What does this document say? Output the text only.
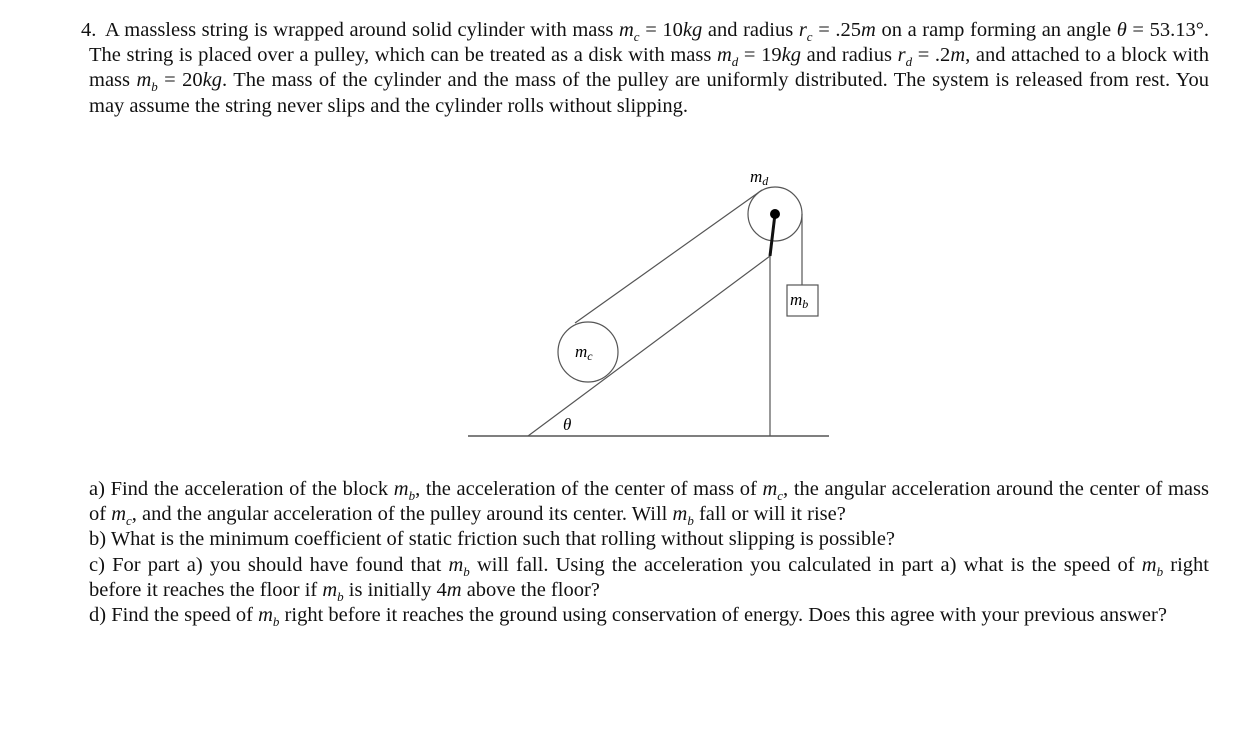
4. A massless string is wrapped around solid cylinder with mass $m_c = 10kg$ and radius $r_c = .25m$ on a ramp forming an angle θ = 53.13°. The string is placed over a pulley, which can be treated as a disk with mass $m_d = 19kg$ and radius $r_d = .2m$, and attached to a block with mass $m_b = 20kg$. The mass of the cylinder and the mass of the pulley are uniformly distributed. The system is released from rest. You may assume the string never slips and the cylinder rolls without slipping.
md
mb
mc
θ
a) Find the acceleration of the block $m_b$, the acceleration of the center of mass of $m_c$, the angular acceleration around the center of mass of $m_c$, and the angular acceleration of the pulley around its center. Will $m_b$ fall or will it rise?
b) What is the minimum coefficient of static friction such that rolling without slipping is possible?
c) For part a) you should have found that $m_b$ will fall. Using the acceleration you calculated in part a) what is the speed of $m_b$ right before it reaches the floor if $m_b$ is initially 4m above the floor?
d) Find the speed of $m_b$ right before it reaches the ground using conservation of energy. Does this agree with your previous answer?
